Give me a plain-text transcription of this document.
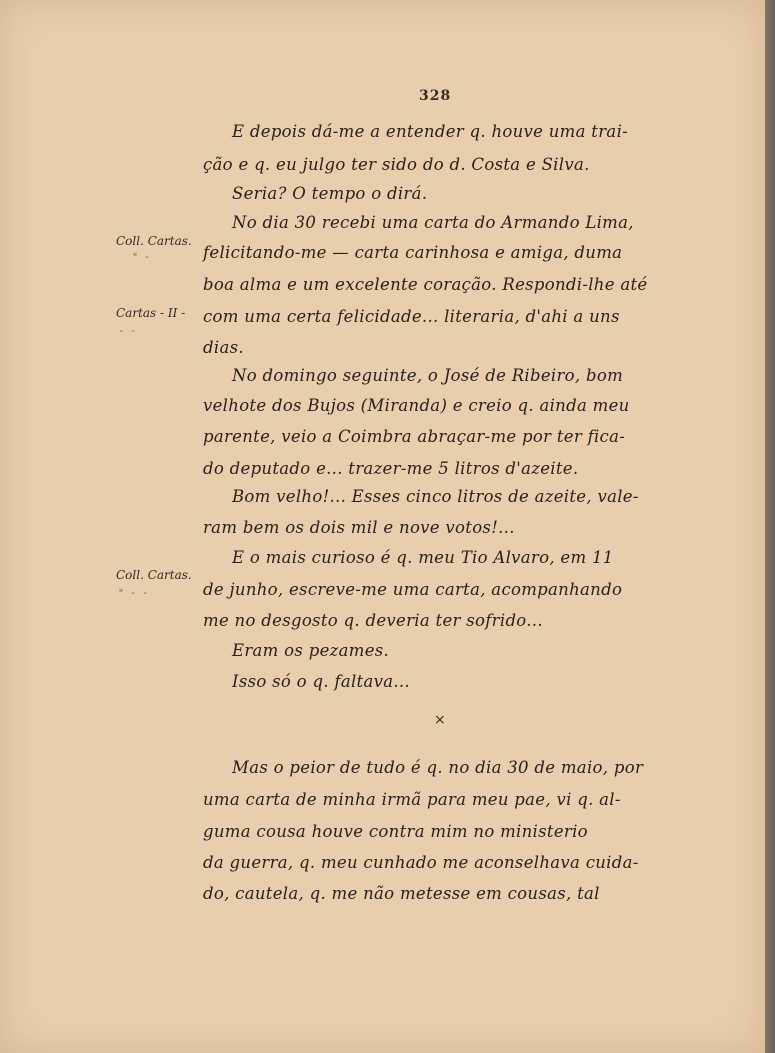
328
Coll. Cartas.
" -
Cartas - II -
- -
Coll. Cartas.
" - -
E depois dá-me a entender q. houve uma trai-
ção e q. eu julgo ter sido do d. Costa e Silva.
Seria? O tempo o dirá.
No dia 30 recebi uma carta do Armando Lima,
felicitando-me — carta carinhosa e amiga, duma
boa alma e um excelente coração. Respondi-lhe até
com uma certa felicidade... literaria, d'ahi a uns
dias.
No domingo seguinte, o José de Ribeiro, bom
velhote dos Bujos (Miranda) e creio q. ainda meu
parente, veio a Coimbra abraçar-me por ter fica-
do deputado e... trazer-me 5 litros d'azeite.
Bom velho!... Esses cinco litros de azeite, vale-
ram bem os dois mil e nove votos!...
E o mais curioso é q. meu Tio Alvaro, em 11
de junho, escreve-me uma carta, acompanhando
me no desgosto q. deveria ter sofrido...
Eram os pezames.
Isso só o q. faltava...
×
Mas o peior de tudo é q. no dia 30 de maio, por
uma carta de minha irmã para meu pae, vi q. al-
guma cousa houve contra mim no ministerio
da guerra, q. meu cunhado me aconselhava cuida-
do, cautela, q. me não metesse em cousas, tal
